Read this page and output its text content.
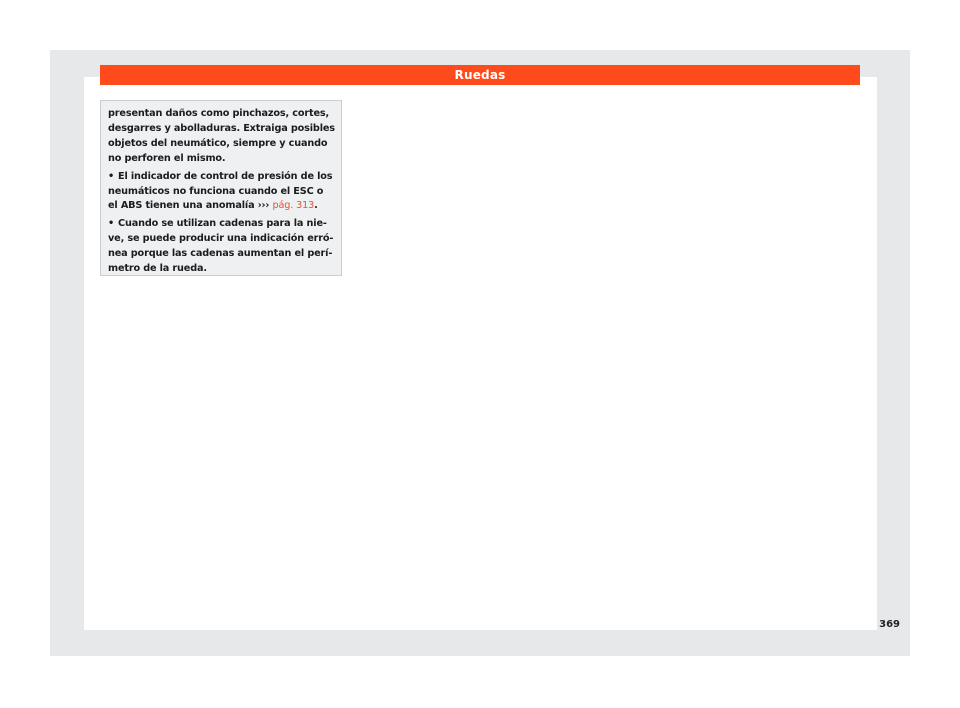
Ruedas

presentan daños como pinchazos, cortes, desgarres y abolladuras. Extraiga posibles objetos del neumático, siempre y cuando no perforen el mismo.

• El indicador de control de presión de los neumáticos no funciona cuando el ESC o el ABS tienen una anomalía ››› pág. 313.

• Cuando se utilizan cadenas para la nie-ve, se puede producir una indicación erró-nea porque las cadenas aumentan el perí-metro de la rueda.

369
